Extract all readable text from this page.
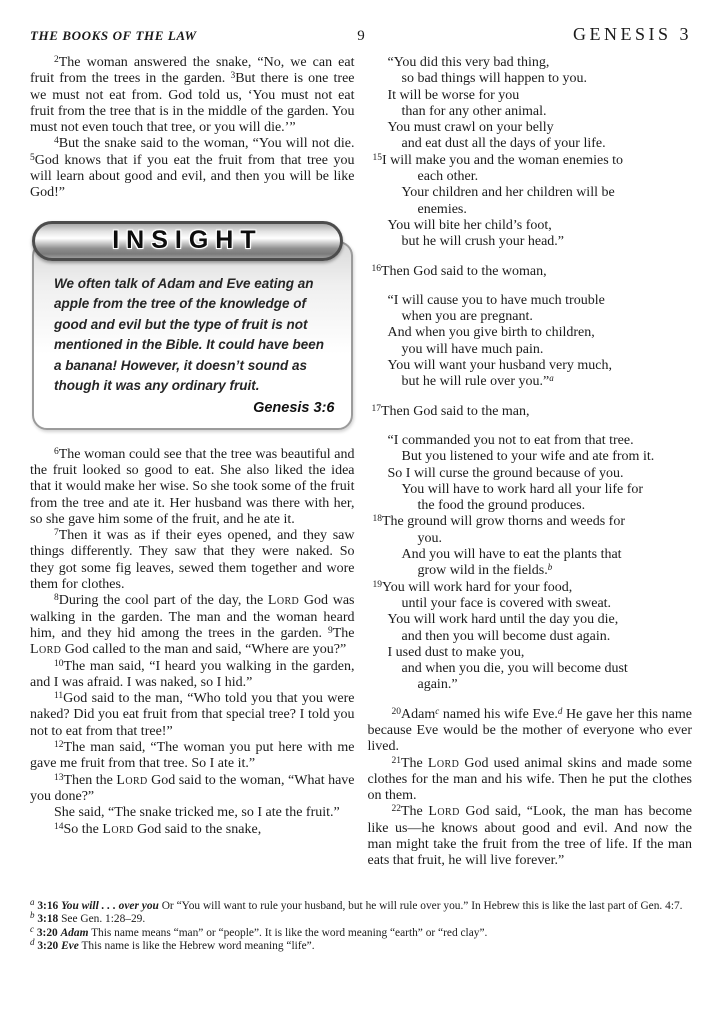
THE BOOKS OF THE LAW	9	GENESIS 3

$^2$The woman answered the snake, “No, we can eat fruit from the trees in the garden. $^3$But there is one tree we must not eat from. God told us, ‘You must not eat fruit from the tree that is in the middle of the garden. You must not even touch that tree, or you will die.’”

$^4$But the snake said to the woman, “You will not die. $^5$God knows that if you eat the fruit from that tree you will learn about good and evil, and then you will be like God!”

INSIGHT

We often talk of Adam and Eve eating an apple from the tree of the knowledge of good and evil but the type of fruit is not mentioned in the Bible. It could have been a banana! However, it doesn’t sound as though it was any ordinary fruit.

Genesis 3:6

$^6$The woman could see that the tree was beautiful and the fruit looked so good to eat. She also liked the idea that it would make her wise. So she took some of the fruit from the tree and ate it. Her husband was there with her, so she gave him some of the fruit, and he ate it.

$^7$Then it was as if their eyes opened, and they saw things differently. They saw that they were naked. So they got some fig leaves, sewed them together and wore them for clothes.

$^8$During the cool part of the day, the Lord God was walking in the garden. The man and the woman heard him, and they hid among the trees in the garden. $^9$The Lord God called to the man and said, “Where are you?”

$^{10}$The man said, “I heard you walking in the garden, and I was afraid. I was naked, so I hid.”

$^{11}$God said to the man, “Who told you that you were naked? Did you eat fruit from that special tree? I told you not to eat from that tree!”

$^{12}$The man said, “The woman you put here with me gave me fruit from that tree. So I ate it.”

$^{13}$Then the Lord God said to the woman, “What have you done?”

She said, “The snake tricked me, so I ate the fruit.”

$^{14}$So the Lord God said to the snake,

“You did this very bad thing,
so bad things will happen to you.
It will be worse for you
than for any other animal.
You must crawl on your belly
and eat dust all the days of your life.
$^{15}$I will make you and the woman enemies to
each other.
Your children and her children will be
enemies.
You will bite her child’s foot,
but he will crush your head.”

$^{16}$Then God said to the woman,

“I will cause you to have much trouble
when you are pregnant.
And when you give birth to children,
you will have much pain.
You will want your husband very much,
but he will rule over you.”$^a$

$^{17}$Then God said to the man,

“I commanded you not to eat from that tree.
But you listened to your wife and ate from it.
So I will curse the ground because of you.
You will have to work hard all your life for
the food the ground produces.
$^{18}$The ground will grow thorns and weeds for
you.
And you will have to eat the plants that
grow wild in the fields.$^b$
$^{19}$You will work hard for your food,
until your face is covered with sweat.
You will work hard until the day you die,
and then you will become dust again.
I used dust to make you,
and when you die, you will become dust
again.”

$^{20}$Adam$^c$ named his wife Eve.$^d$ He gave her this name because Eve would be the mother of everyone who ever lived.

$^{21}$The Lord God used animal skins and made some clothes for the man and his wife. Then he put the clothes on them.

$^{22}$The Lord God said, “Look, the man has become like us—he knows about good and evil. And now the man might take the fruit from the tree of life. If the man eats that fruit, he will live forever.”

$^a$ 3:16 You will . . . over you Or “You will want to rule your husband, but he will rule over you.” In Hebrew this is like the last part of Gen. 4:7.

$^b$ 3:18 See Gen. 1:28–29.

$^c$ 3:20 Adam This name means “man” or “people”. It is like the word meaning “earth” or “red clay”.

$^d$ 3:20 Eve This name is like the Hebrew word meaning “life”.
